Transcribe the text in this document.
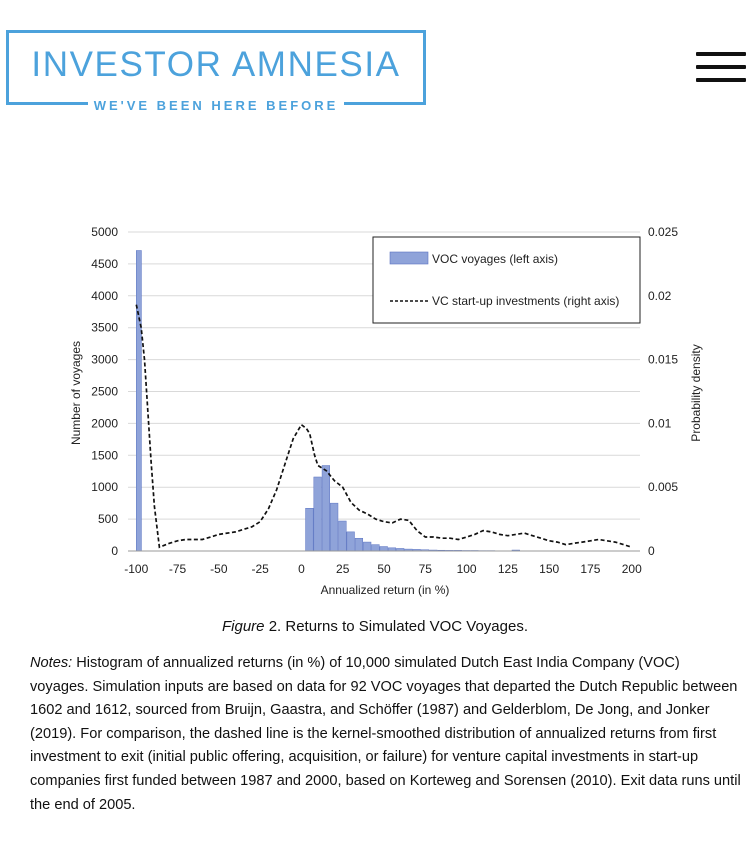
INVESTOR AMNESIA
WE'VE BEEN HERE BEFORE
0
500
1000
1500
2000
2500
3000
3500
4000
4500
5000
0
0.005
0.01
0.015
0.02
0.025
-100 -75 -50 -25 0	25 50 75 100 125 150 175 200
VOC voyages (left axis)
VC start-up investments (right axis)
Annualized return (in %)
Number of voyages	Probability density
Figure 2. Returns to Simulated VOC Voyages.
Notes: Histogram of annualized returns (in %) of 10,000 simulated Dutch East India Company (VOC) voyages. Simulation inputs are based on data for 92 VOC voyages that departed the Dutch Republic between 1602 and 1612, sourced from Bruijn, Gaastra, and Schöffer (1987) and Gelderblom, De Jong, and Jonker (2019). For comparison, the dashed line is the kernel-smoothed distribution of annualized returns from first investment to exit (initial public offering, acquisition, or failure) for venture capital investments in start-up companies first funded between 1987 and 2000, based on Korteweg and Sorensen (2010). Exit data runs until the end of 2005.
